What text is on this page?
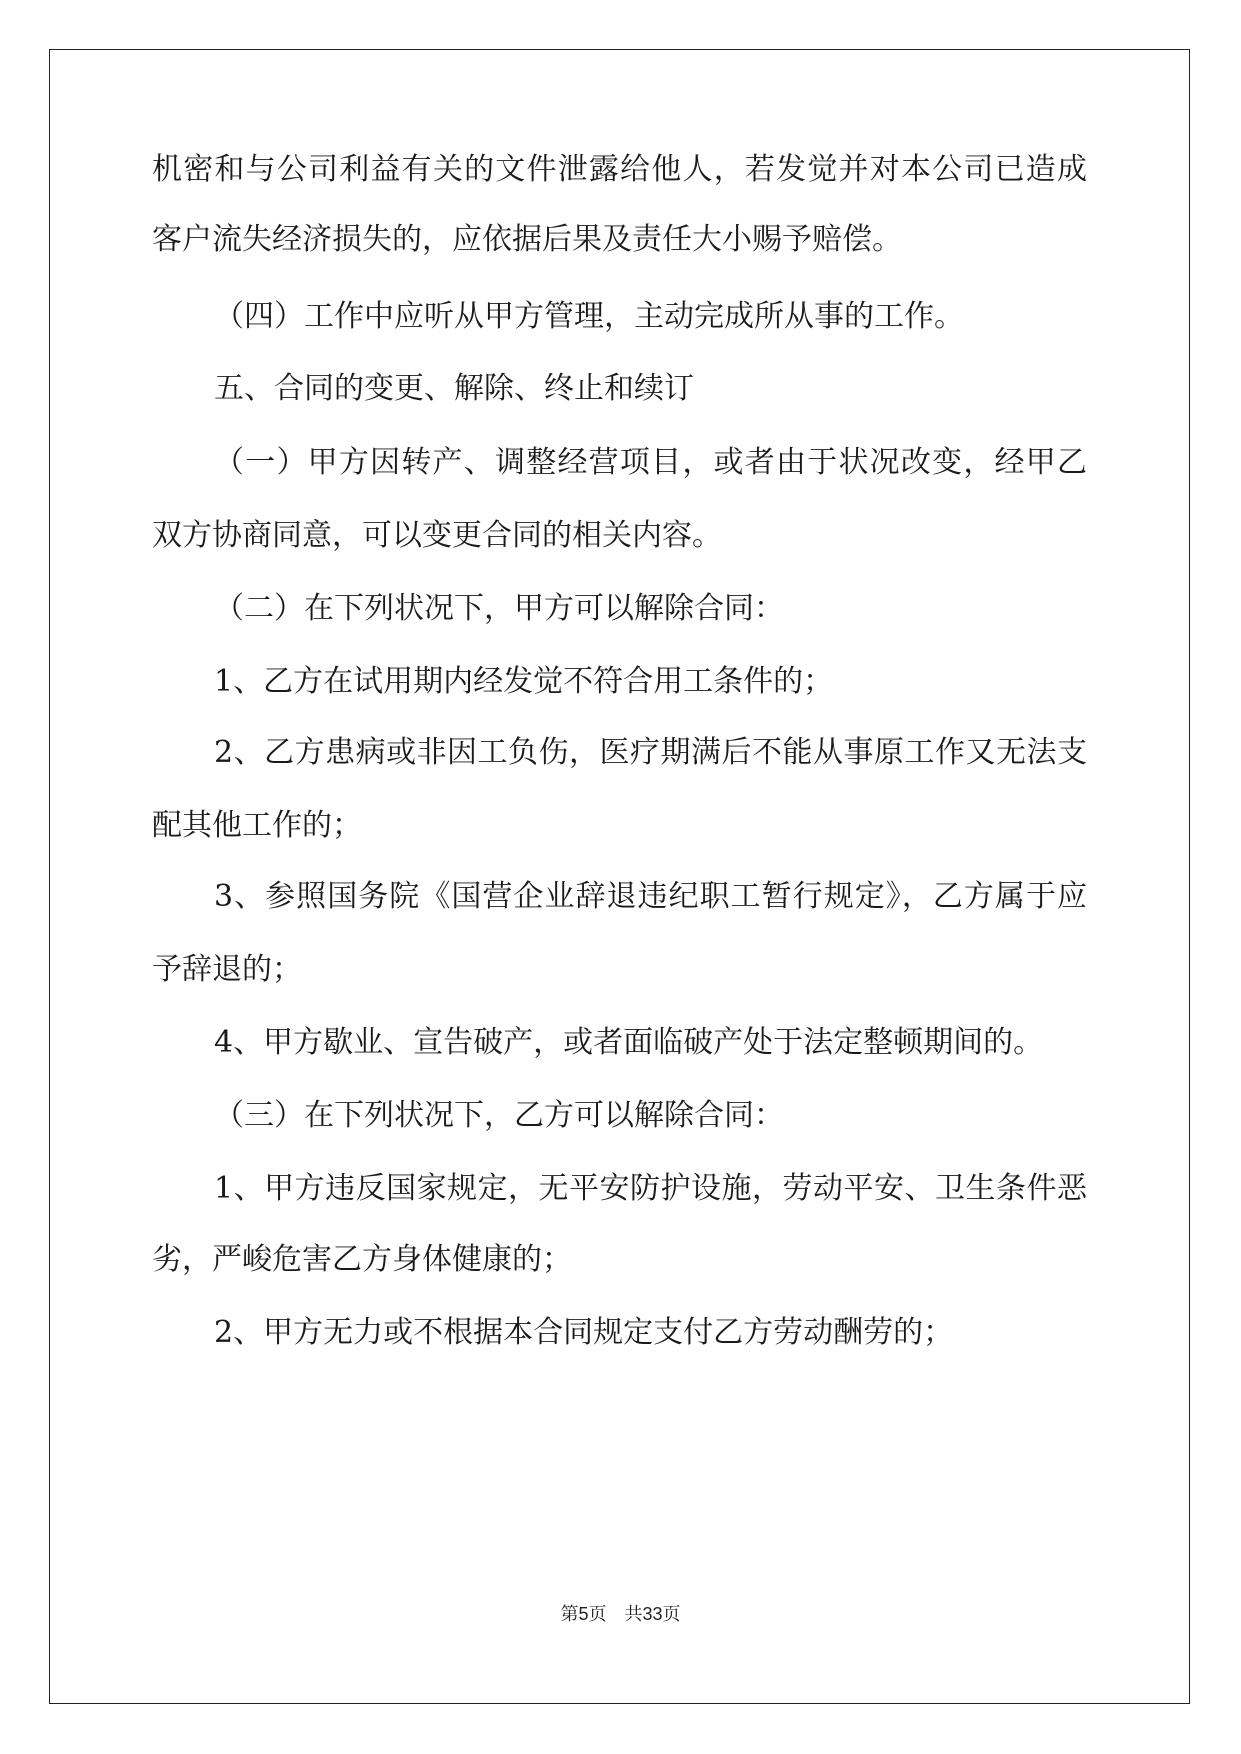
机密和与公司利益有关的文件泄露给他人，若发觉并对本公司已造成
客户流失经济损失的，应依据后果及责任大小赐予赔偿。
（四）工作中应听从甲方管理，主动完成所从事的工作。
五、合同的变更、解除、终止和续订
（一）甲方因转产、调整经营项目，或者由于状况改变，经甲乙
双方协商同意，可以变更合同的相关内容。
（二）在下列状况下，甲方可以解除合同：
1、乙方在试用期内经发觉不符合用工条件的；
2、乙方患病或非因工负伤，医疗期满后不能从事原工作又无法支
配其他工作的；
3、参照国务院《国营企业辞退违纪职工暂行规定》，乙方属于应
予辞退的；
4、甲方歇业、宣告破产，或者面临破产处于法定整顿期间的。
（三）在下列状况下，乙方可以解除合同：
1、甲方违反国家规定，无平安防护设施，劳动平安、卫生条件恶
劣，严峻危害乙方身体健康的；
2、甲方无力或不根据本合同规定支付乙方劳动酬劳的；
第5页 共33页
